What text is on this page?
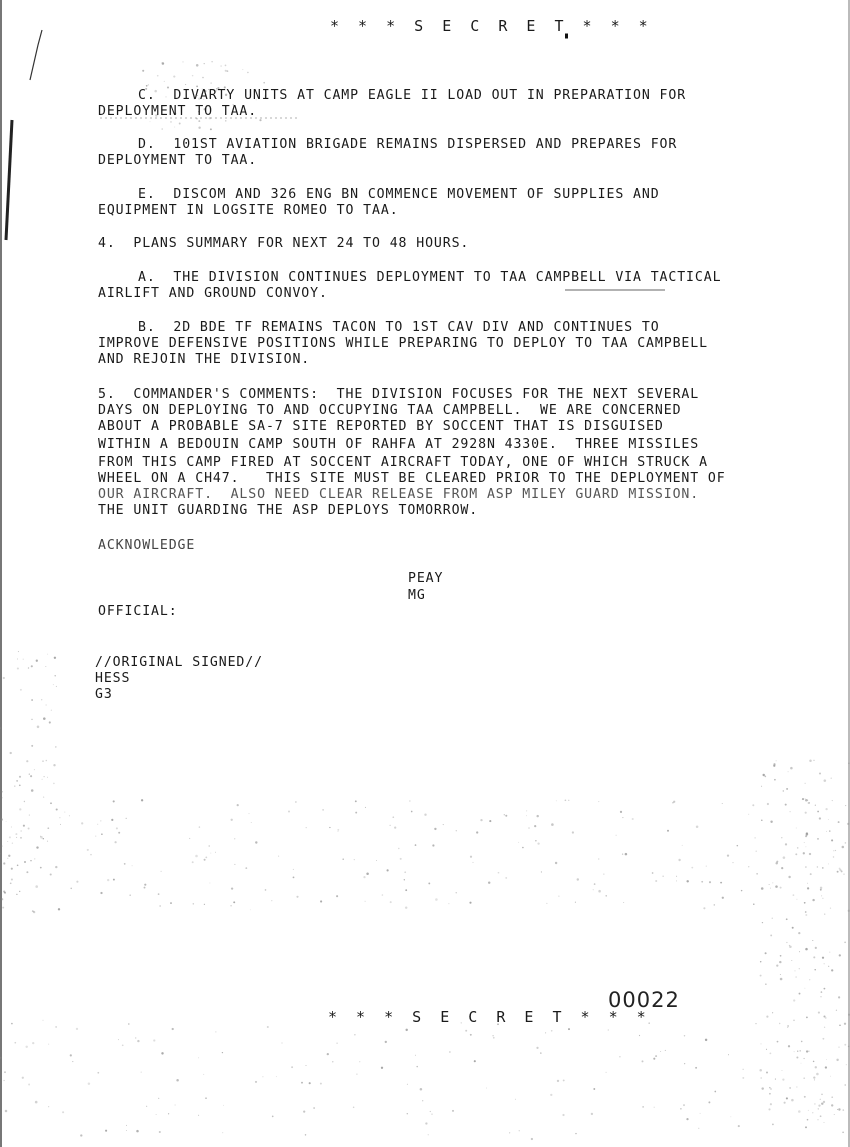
* * * S E C R E T * * *
C.  DIVARTY UNITS AT CAMP EAGLE II LOAD OUT IN PREPARATION FOR
DEPLOYMENT TO TAA.
D.  101ST AVIATION BRIGADE REMAINS DISPERSED AND PREPARES FOR
DEPLOYMENT TO TAA.
E.  DISCOM AND 326 ENG BN COMMENCE MOVEMENT OF SUPPLIES AND
EQUIPMENT IN LOGSITE ROMEO TO TAA.
4.  PLANS SUMMARY FOR NEXT 24 TO 48 HOURS.
A.  THE DIVISION CONTINUES DEPLOYMENT TO TAA CAMPBELL VIA TACTICAL
AIRLIFT AND GROUND CONVOY.
B.  2D BDE TF REMAINS TACON TO 1ST CAV DIV AND CONTINUES TO
IMPROVE DEFENSIVE POSITIONS WHILE PREPARING TO DEPLOY TO TAA CAMPBELL
AND REJOIN THE DIVISION.
5.  COMMANDER'S COMMENTS:  THE DIVISION FOCUSES FOR THE NEXT SEVERAL
DAYS ON DEPLOYING TO AND OCCUPYING TAA CAMPBELL.  WE ARE CONCERNED
ABOUT A PROBABLE SA-7 SITE REPORTED BY SOCCENT THAT IS DISGUISED
WITHIN A BEDOUIN CAMP SOUTH OF RAHFA AT 2928N 4330E.  THREE MISSILES
FROM THIS CAMP FIRED AT SOCCENT AIRCRAFT TODAY, ONE OF WHICH STRUCK A
WHEEL ON A CH47.   THIS SITE MUST BE CLEARED PRIOR TO THE DEPLOYMENT OF
OUR AIRCRAFT.  ALSO NEED CLEAR RELEASE FROM ASP MILEY GUARD MISSION.
THE UNIT GUARDING THE ASP DEPLOYS TOMORROW.
ACKNOWLEDGE
PEAY
MG
OFFICIAL:
//ORIGINAL SIGNED//
HESS
G3
00022
* * * S E C R E T * * *
